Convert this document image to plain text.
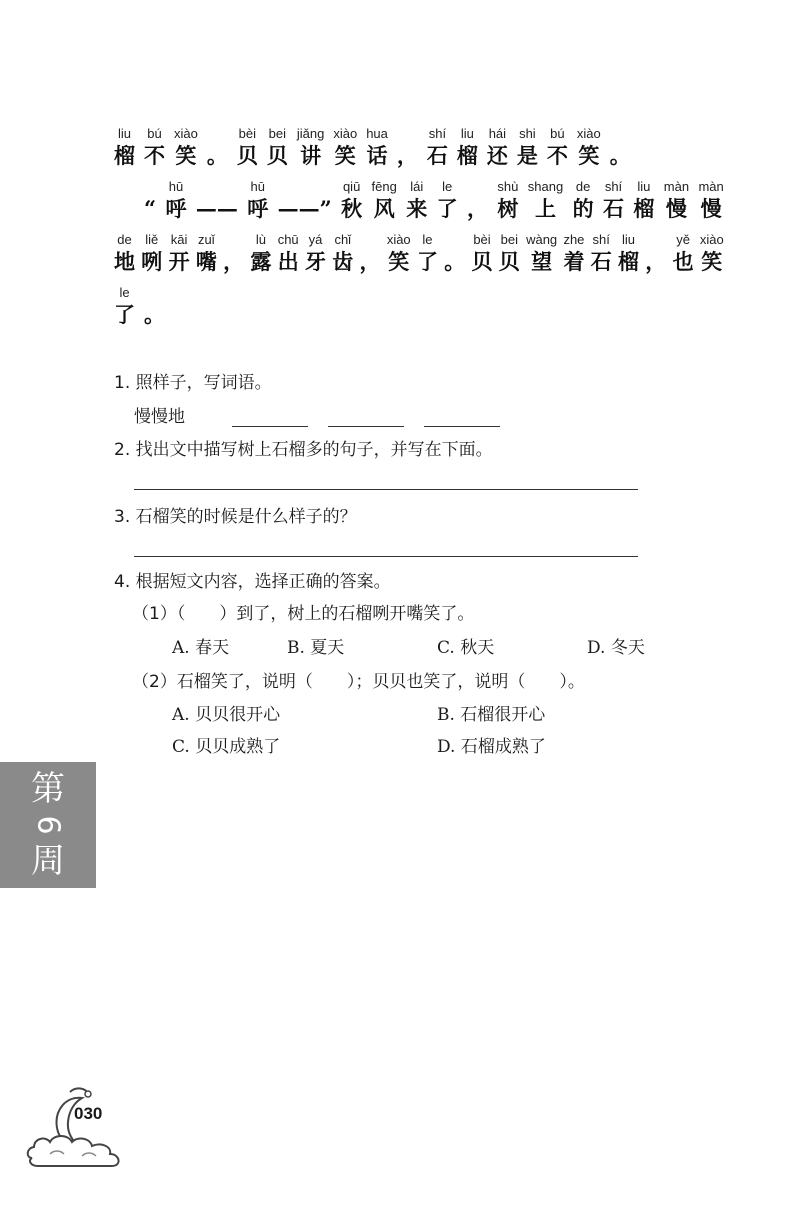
liu
榴
bú
不
xiào
笑 。
bèi
贝
bei
贝
jiǎng
讲
xiào
笑
hua
话 ，
shí
石
liu
榴
hái
还
shi
是
bú
不
xiào
笑 。
“
hū
呼 ——
hū
呼 ——”
qiū
秋
fēng
风
lái
来
le
了 ，
shù
树
shang
上
de
的
shí
石
liu
榴
màn
慢
màn
慢
de
地
liě
咧
kāi
开
zuǐ
嘴 ，
lù
露
chū
出
yá
牙
chǐ
齿 ，
xiào
笑
le
了 。
bèi
贝
bei
贝
wàng
望
zhe
着
shí
石
liu
榴 ，
yě
也
xiào
笑
le
了 。
1. 照样子，写词语。
慢慢地
2. 找出文中描写树上石榴多的句子，并写在下面。
3. 石榴笑的时候是什么样子的？
4. 根据短文内容，选择正确的答案。
（1）（　　）到了，树上的石榴咧开嘴笑了。
A. 春天	B. 夏天	C. 秋天	D. 冬天
（2）石榴笑了，说明（　　）；贝贝也笑了，说明（　　）。
A. 贝贝很开心	B. 石榴很开心
C. 贝贝成熟了	D. 石榴成熟了
第
6
周
030
